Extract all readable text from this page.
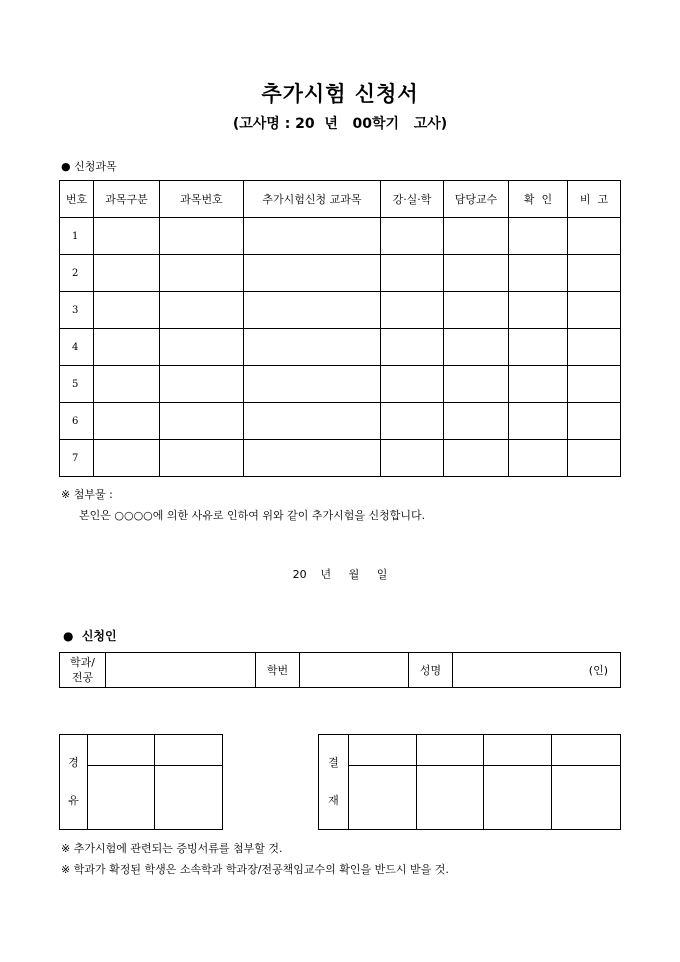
추가시험 신청서
(고사명 : 20  년   00학기   고사)
● 신청과목
번호	과목구분	과목번호	추가시험신청 교과목	강·실·학	담당교수	확  인	비  고
1							
2							
3							
4							
5							
6							
7							
※ 첨부물 :
본인은 ○○○○에 의한 사유로 인하여 위와 같이 추가시험을 신청합니다.
20    년     월     일
●  신청인
학과/
전공
		학번		성명	(인)
경
유		

결
재				

※ 추가시험에 관련되는 증빙서류를 첨부할 것.
※ 학과가 확정된 학생은 소속학과 학과장/전공책임교수의 확인을 반드시 받을 것.
